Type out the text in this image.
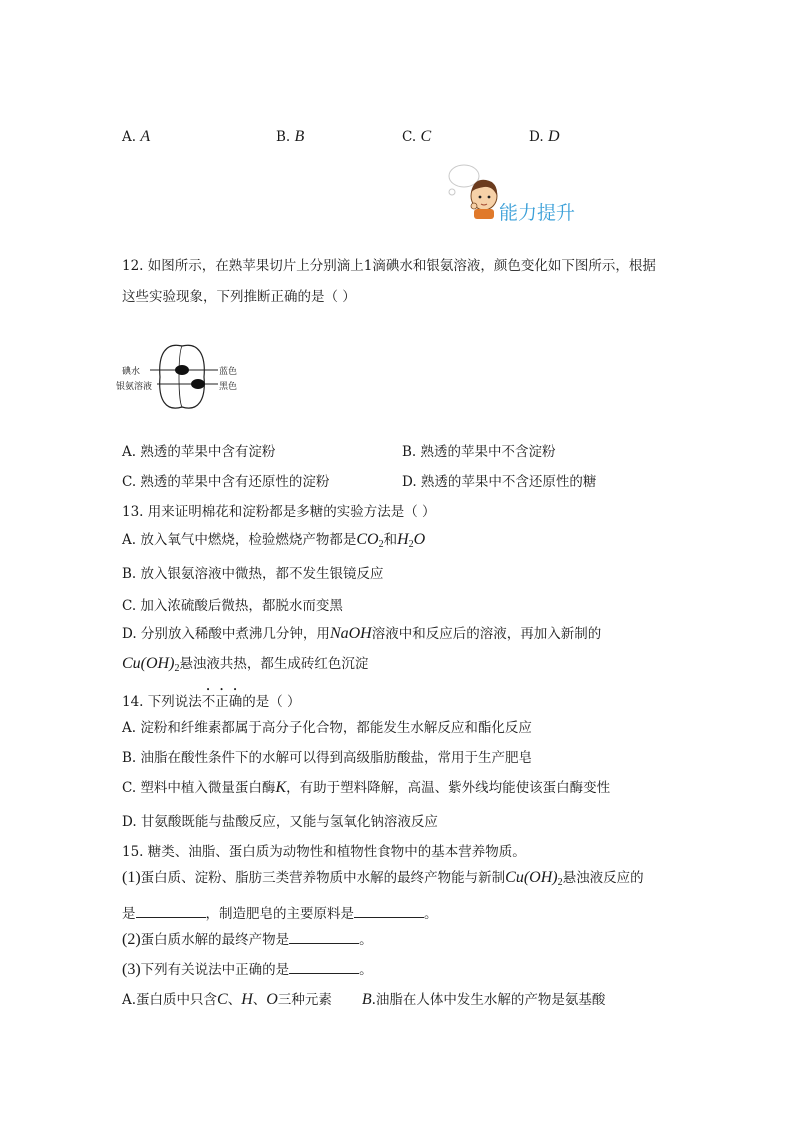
A. A	B. B	C. C	D. D
能力提升
12. 如图所示，在熟苹果切片上分别滴上1滴碘水和银氨溶液，颜色变化如下图所示，根据
这些实验现象，下列推断正确的是（ ）
碘水
银氨溶液
蓝色
黑色
A. 熟透的苹果中含有淀粉	B. 熟透的苹果中不含淀粉
C. 熟透的苹果中含有还原性的淀粉	D. 熟透的苹果中不含还原性的糖
13. 用来证明棉花和淀粉都是多糖的实验方法是（ ）
A. 放入氧气中燃烧，检验燃烧产物都是CO2和H2O
B. 放入银氨溶液中微热，都不发生银镜反应
C. 加入浓硫酸后微热，都脱水而变黑
D. 分别放入稀酸中煮沸几分钟，用NaOH溶液中和反应后的溶液，再加入新制的
Cu(OH)2悬浊液共热，都生成砖红色沉淀
14. 下列说法不正确的是（ ）
A. 淀粉和纤维素都属于高分子化合物，都能发生水解反应和酯化反应
B. 油脂在酸性条件下的水解可以得到高级脂肪酸盐，常用于生产肥皂
C. 塑料中植入微量蛋白酶K，有助于塑料降解，高温、紫外线均能使该蛋白酶变性
D. 甘氨酸既能与盐酸反应，又能与氢氧化钠溶液反应
15. 糖类、油脂、蛋白质为动物性和植物性食物中的基本营养物质。
(1)蛋白质、淀粉、脂肪三类营养物质中水解的最终产物能与新制Cu(OH)2悬浊液反应的
是	，制造肥皂的主要原料是	。
(2)蛋白质水解的最终产物是	。
(3)下列有关说法中正确的是	。
A.蛋白质中只含C、H、O三种元素 B.油脂在人体中发生水解的产物是氨基酸
